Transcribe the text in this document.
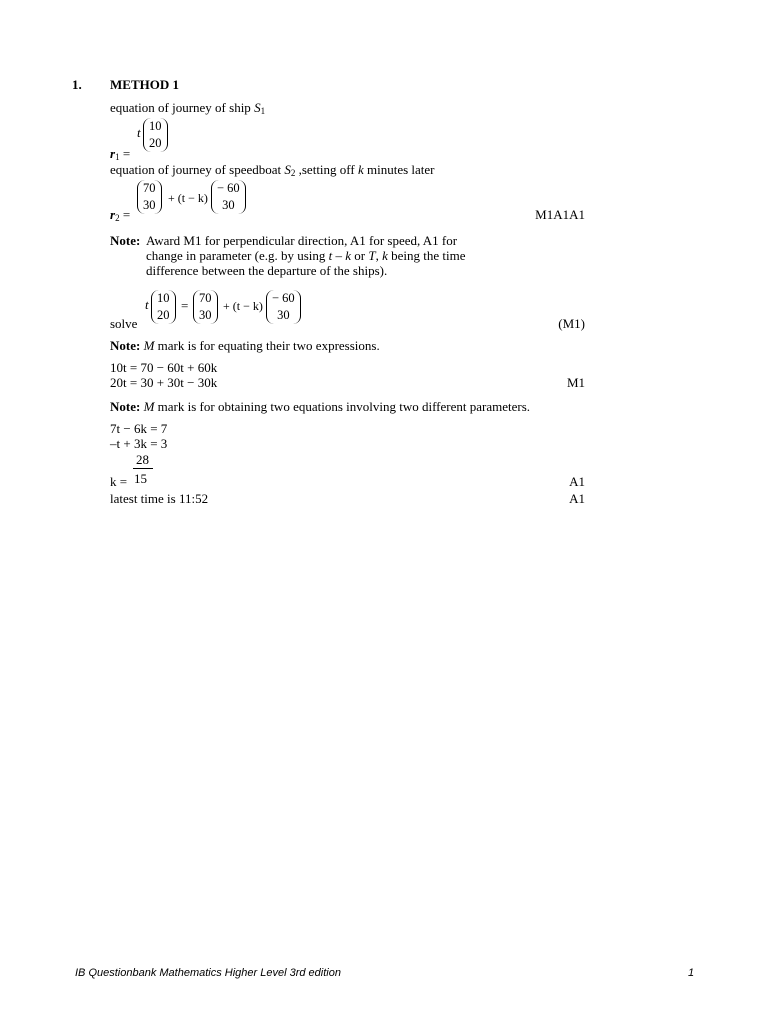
1. METHOD 1
equation of journey of ship $S_1$
t 10
20
$r_1$ =
equation of journey of speedboat $S_2$ ,setting off k minutes later
70
30 + (t − k)
− 60
30
$r_2$ =	M1A1A1
Note: Award M1 for perpendicular direction, A1 for speed, A1 for
change in parameter (e.g. by using t – k or T, k being the time
difference between the departure of the ships).
t 10
20
= 70
30
+ (t − k)
− 60
30
solve	(M1)
Note: M mark is for equating their two expressions.
10t = 70 − 60t + 60k
20t = 30 + 30t − 30k	M1
Note: M mark is for obtaining two equations involving two different parameters.
7t − 6k = 7
–t + 3k = 3
28
15
k =	A1
latest time is 11:52	A1
IB Questionbank Mathematics Higher Level 3rd edition	1
